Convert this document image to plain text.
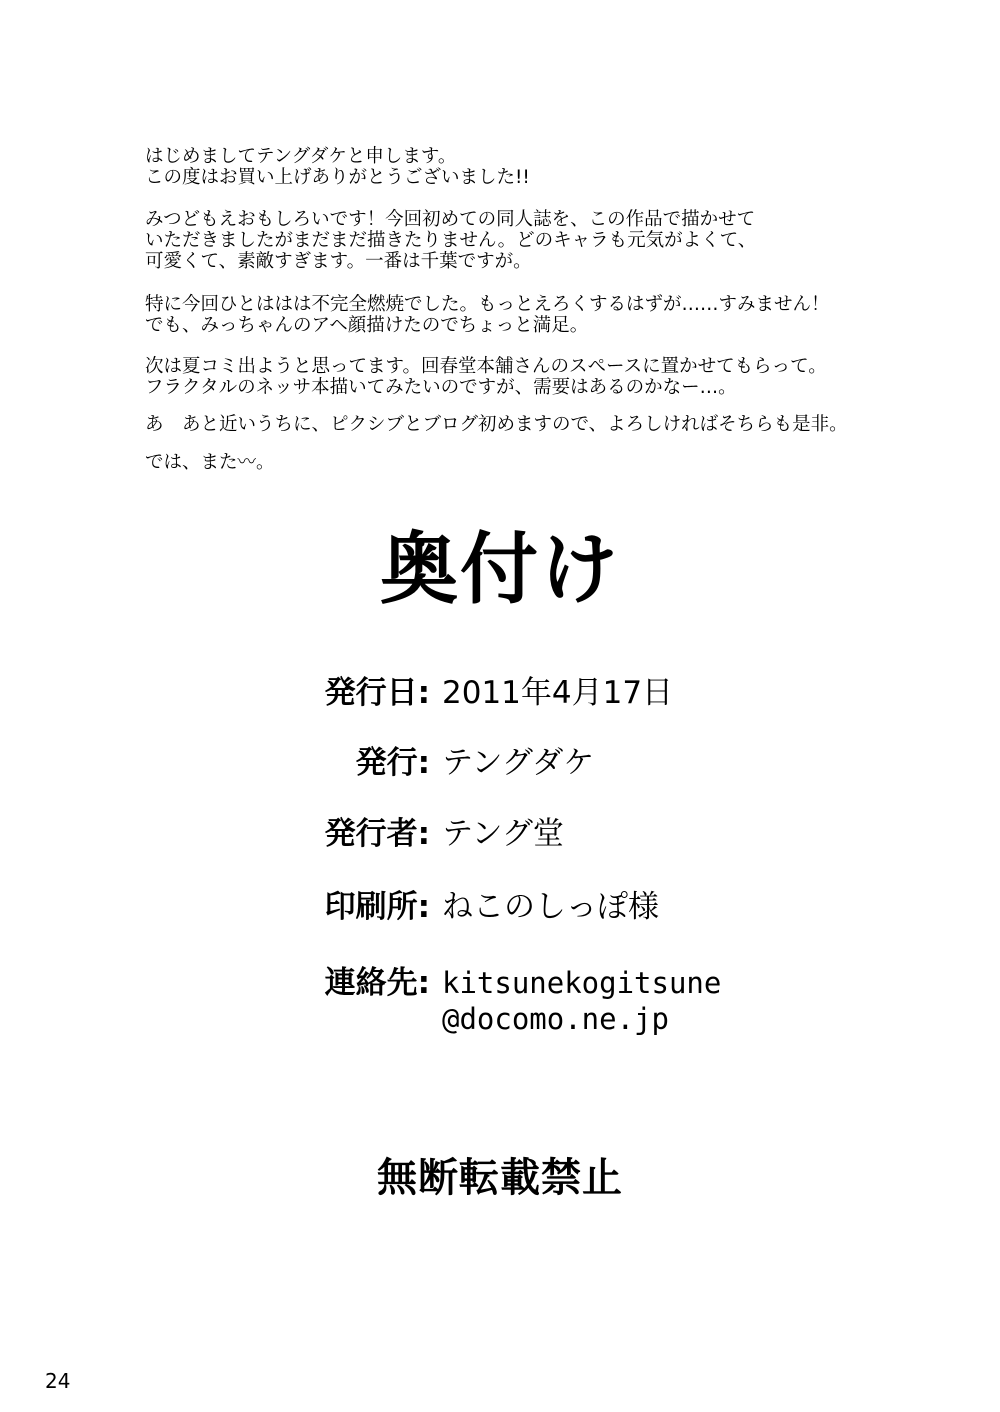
はじめましてテングダケと申します。
この度はお買い上げありがとうございました!!

みつどもえおもしろいです！今回初めての同人誌を、この作品で描かせて
いただきましたがまだまだ描きたりません。どのキャラも元気がよくて、
可愛くて、素敵すぎます。一番は千葉ですが。

特に今回ひとははは不完全燃焼でした。もっとえろくするはずが……すみません！
でも、みっちゃんのアヘ顔描けたのでちょっと満足。

次は夏コミ出ようと思ってます。回春堂本舗さんのスペースに置かせてもらって。
フラクタルのネッサ本描いてみたいのですが、需要はあるのかなー…。

あ　あと近いうちに、ピクシブとブログ初めますので、よろしければそちらも是非。

では、また〰。

奥付け
発行日: 2011年4月17日
発行: テングダケ
発行者: テング堂
印刷所: ねこのしっぽ様
連絡先: kitsunekogitsune
@docomo.ne.jp
無断転載禁止
24
